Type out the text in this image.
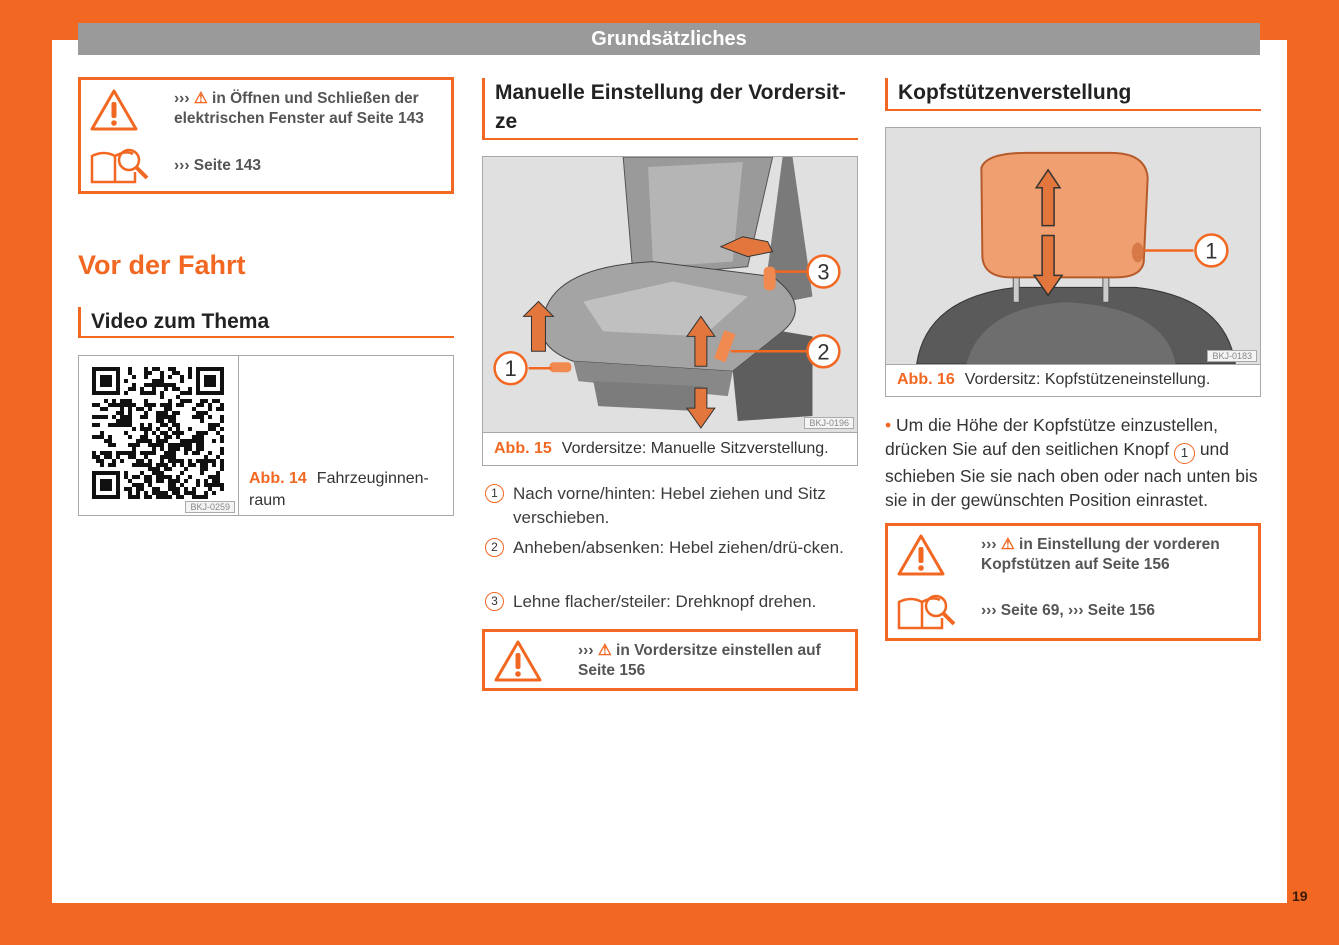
Grundsätzliches
19
››› ⚠ in Öffnen und Schließen der elektrischen Fenster auf Seite 143
››› Seite 143
Vor der Fahrt
Video zum Thema
BKJ-0259
Abb. 14 Fahrzeuginnen-raum
Manuelle Einstellung der Vordersit-ze
1
2
3
BKJ-0196
Abb. 15 Vordersitze: Manuelle Sitzverstellung.
1 Nach vorne/hinten: Hebel ziehen und Sitz verschieben.
2 Anheben/absenken: Hebel ziehen/drü-cken.
3 Lehne flacher/steiler: Drehknopf drehen.
››› ⚠ in Vordersitze einstellen auf Seite 156
Kopfstützenverstellung
1
BKJ-0183
Abb. 16 Vordersitz: Kopfstützeneinstellung.
• Um die Höhe der Kopfstütze einzustellen, drücken Sie auf den seitlichen Knopf 1 und schieben Sie sie nach oben oder nach unten bis sie in der gewünschten Position einrastet.
››› ⚠ in Einstellung der vorderen Kopfstützen auf Seite 156
››› Seite 69, ››› Seite 156
